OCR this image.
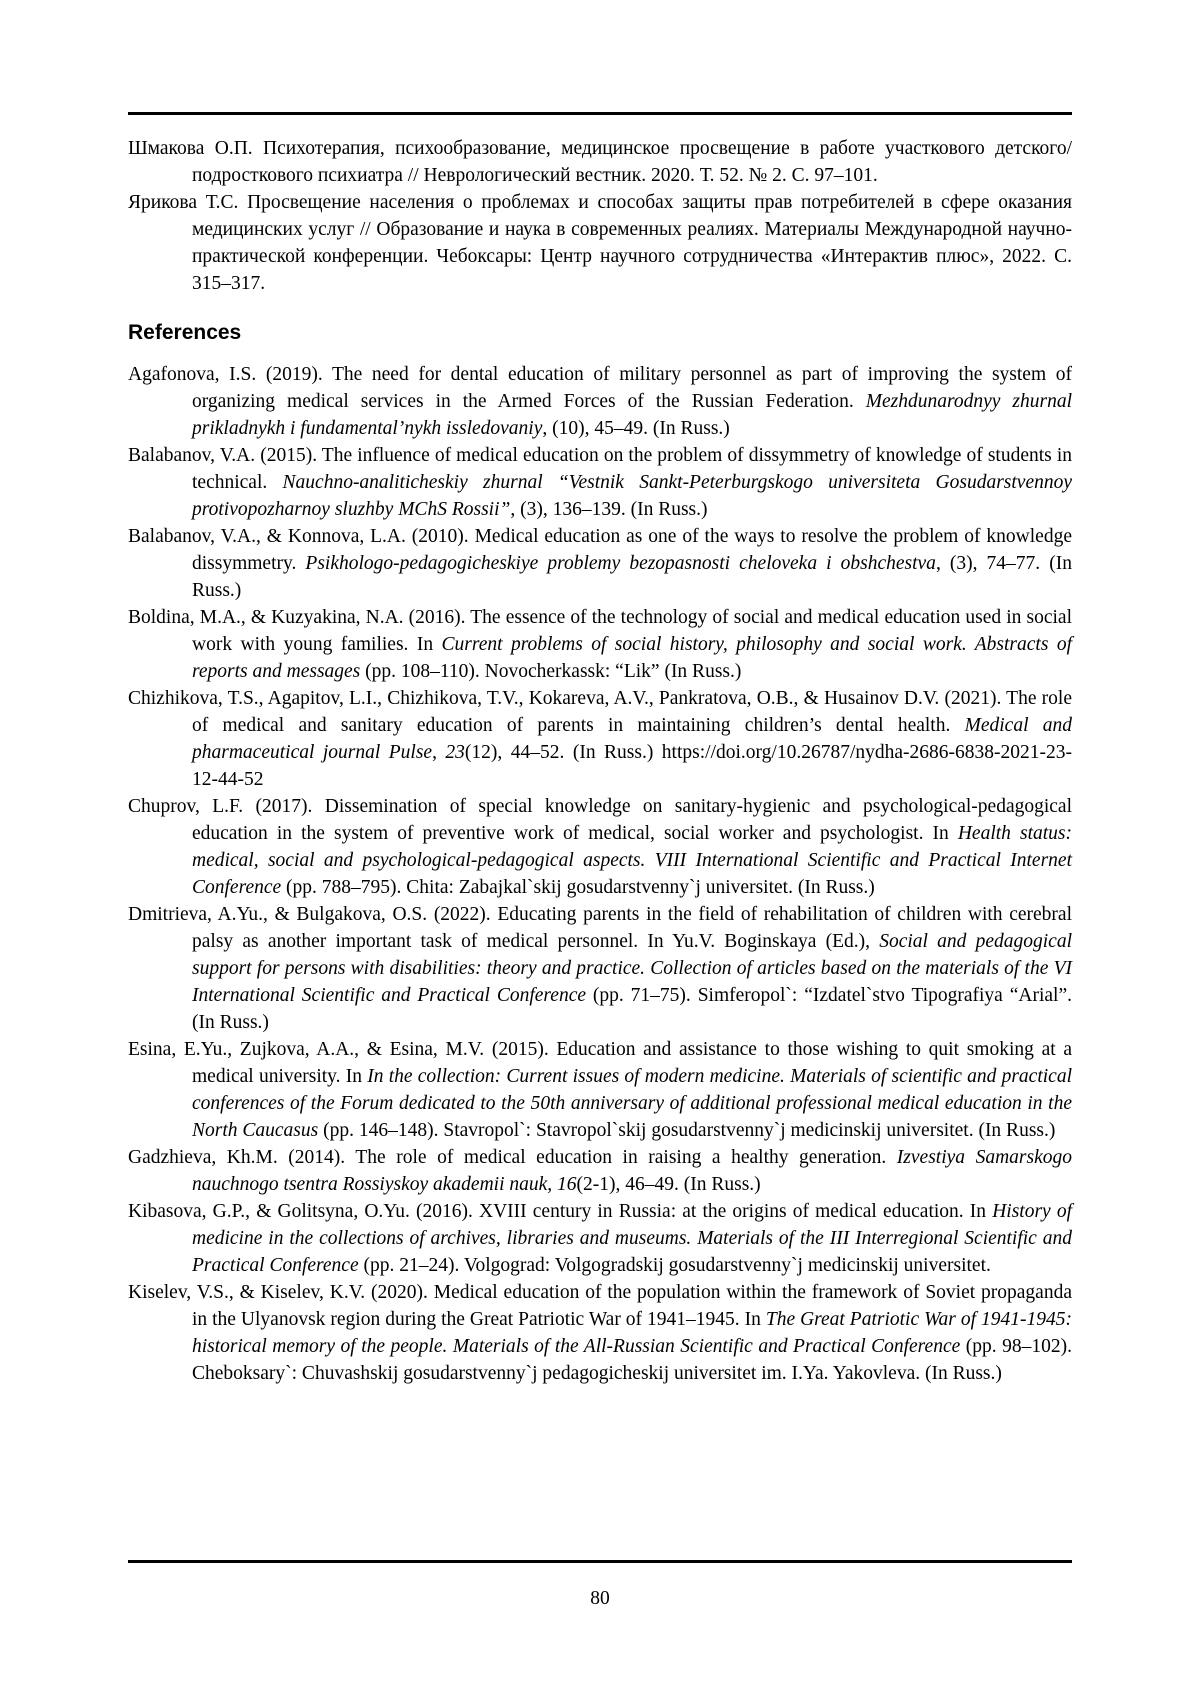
Шмакова О.П. Психотерапия, психообразование, медицинское просвещение в работе участкового детского/подросткового психиатра // Неврологический вестник. 2020. Т. 52. № 2. С. 97–101.

Ярикова Т.С. Просвещение населения о проблемах и способах защиты прав потребителей в сфере оказания медицинских услуг // Образование и наука в современных реалиях. Материалы Международной научно-практической конференции. Чебоксары: Центр научного сотрудничества «Интерактив плюс», 2022. С. 315–317.

References

Agafonova, I.S. (2019). The need for dental education of military personnel as part of improving the system of organizing medical services in the Armed Forces of the Russian Federation. Mezhdunarodnyy zhurnal prikladnykh i fundamental’nykh issledovaniy, (10), 45–49. (In Russ.)

Balabanov, V.A. (2015). The influence of medical education on the problem of dissymmetry of knowledge of students in technical. Nauchno-analiticheskiy zhurnal “Vestnik Sankt-Peterburgskogo universiteta Gosudarstvennoy protivopozharnoy sluzhby MChS Rossii”, (3), 136–139. (In Russ.)

Balabanov, V.A., & Konnova, L.A. (2010). Medical education as one of the ways to resolve the problem of knowledge dissymmetry. Psikhologo-pedagogicheskiye problemy bezopasnosti cheloveka i obshchestva, (3), 74–77. (In Russ.)

Boldina, M.A., & Kuzyakina, N.A. (2016). The essence of the technology of social and medical education used in social work with young families. In Current problems of social history, philosophy and social work. Abstracts of reports and messages (pp. 108–110). Novocherkassk: “Lik” (In Russ.)

Chizhikova, T.S., Agapitov, L.I., Chizhikova, T.V., Kokareva, A.V., Pankratova, O.B., & Husainov D.V. (2021). The role of medical and sanitary education of parents in maintaining children’s dental health. Medical and pharmaceutical journal Pulse, 23(12), 44–52. (In Russ.) https://doi.org/10.26787/nydha-2686-6838-2021-23-12-44-52

Chuprov, L.F. (2017). Dissemination of special knowledge on sanitary-hygienic and psychological-pedagogical education in the system of preventive work of medical, social worker and psychologist. In Health status: medical, social and psychological-pedagogical aspects. VIII International Scientific and Practical Internet Conference (pp. 788–795). Chita: Zabajkal`skij gosudarstvenny`j universitet. (In Russ.)

Dmitrieva, A.Yu., & Bulgakova, O.S. (2022). Educating parents in the field of rehabilitation of children with cerebral palsy as another important task of medical personnel. In Yu.V. Boginskaya (Ed.), Social and pedagogical support for persons with disabilities: theory and practice. Collection of articles based on the materials of the VI International Scientific and Practical Conference (pp. 71–75). Simferopol`: “Izdatel`stvo Tipografiya “Arial”. (In Russ.)

Esina, E.Yu., Zujkova, A.A., & Esina, M.V. (2015). Education and assistance to those wishing to quit smoking at a medical university. In In the collection: Current issues of modern medicine. Materials of scientific and practical conferences of the Forum dedicated to the 50th anniversary of additional professional medical education in the North Caucasus (pp. 146–148). Stavropol`: Stavropol`skij gosudarstvenny`j medicinskij universitet. (In Russ.)

Gadzhieva, Kh.M. (2014). The role of medical education in raising a healthy generation. Izvestiya Samarskogo nauchnogo tsentra Rossiyskoy akademii nauk, 16(2-1), 46–49. (In Russ.)

Kibasova, G.P., & Golitsyna, O.Yu. (2016). XVIII century in Russia: at the origins of medical education. In History of medicine in the collections of archives, libraries and museums. Materials of the III Interregional Scientific and Practical Conference (pp. 21–24). Volgograd: Volgogradskij gosudarstvenny`j medicinskij universitet.

Kiselev, V.S., & Kiselev, K.V. (2020). Medical education of the population within the framework of Soviet propaganda in the Ulyanovsk region during the Great Patriotic War of 1941–1945. In The Great Patriotic War of 1941-1945: historical memory of the people. Materials of the All-Russian Scientific and Practical Conference (pp. 98–102). Cheboksary`: Chuvashskij gosudarstvenny`j pedagogicheskij universitet im. I.Ya. Yakovleva. (In Russ.)

80
